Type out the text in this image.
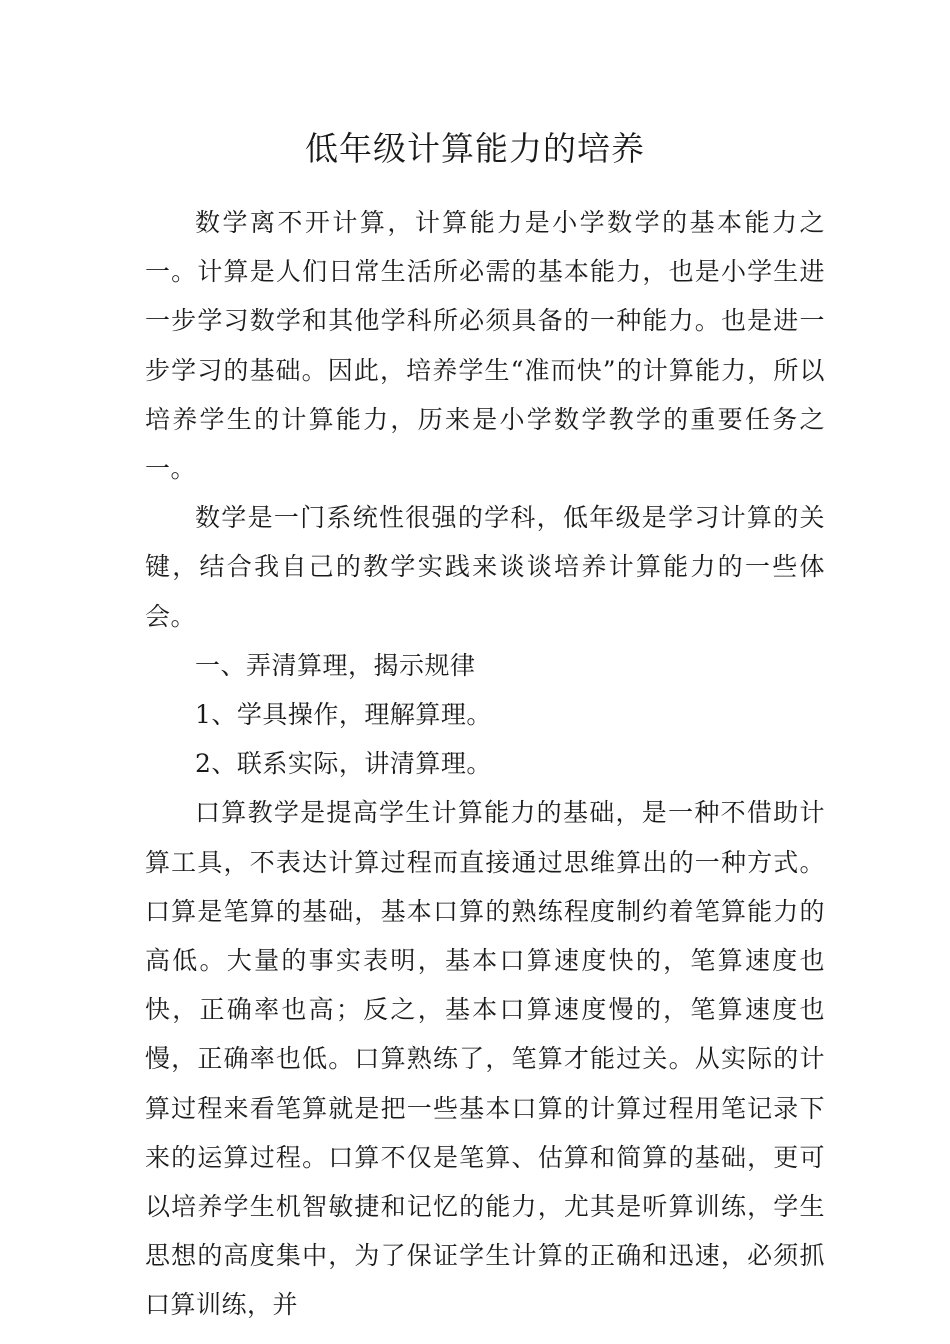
低年级计算能力的培养

数学离不开计算，计算能力是小学数学的基本能力之一。计算是人们日常生活所必需的基本能力，也是小学生进一步学习数学和其他学科所必须具备的一种能力。也是进一步学习的基础。因此，培养学生“准而快”的计算能力，所以培养学生的计算能力，历来是小学数学教学的重要任务之一。

数学是一门系统性很强的学科，低年级是学习计算的关键，结合我自己的教学实践来谈谈培养计算能力的一些体会。

一、弄清算理，揭示规律

1、学具操作，理解算理。

2、联系实际，讲清算理。

口算教学是提高学生计算能力的基础，是一种不借助计算工具，不表达计算过程而直接通过思维算出的一种方式。口算是笔算的基础，基本口算的熟练程度制约着笔算能力的高低。大量的事实表明，基本口算速度快的，笔算速度也快，正确率也高；反之，基本口算速度慢的，笔算速度也慢，正确率也低。口算熟练了，笔算才能过关。从实际的计算过程来看笔算就是把一些基本口算的计算过程用笔记录下来的运算过程。口算不仅是笔算、估算和简算的基础，更可以培养学生机智敏捷和记忆的能力，尤其是听算训练，学生思想的高度集中，为了保证学生计算的正确和迅速，必须抓口算训练，并
